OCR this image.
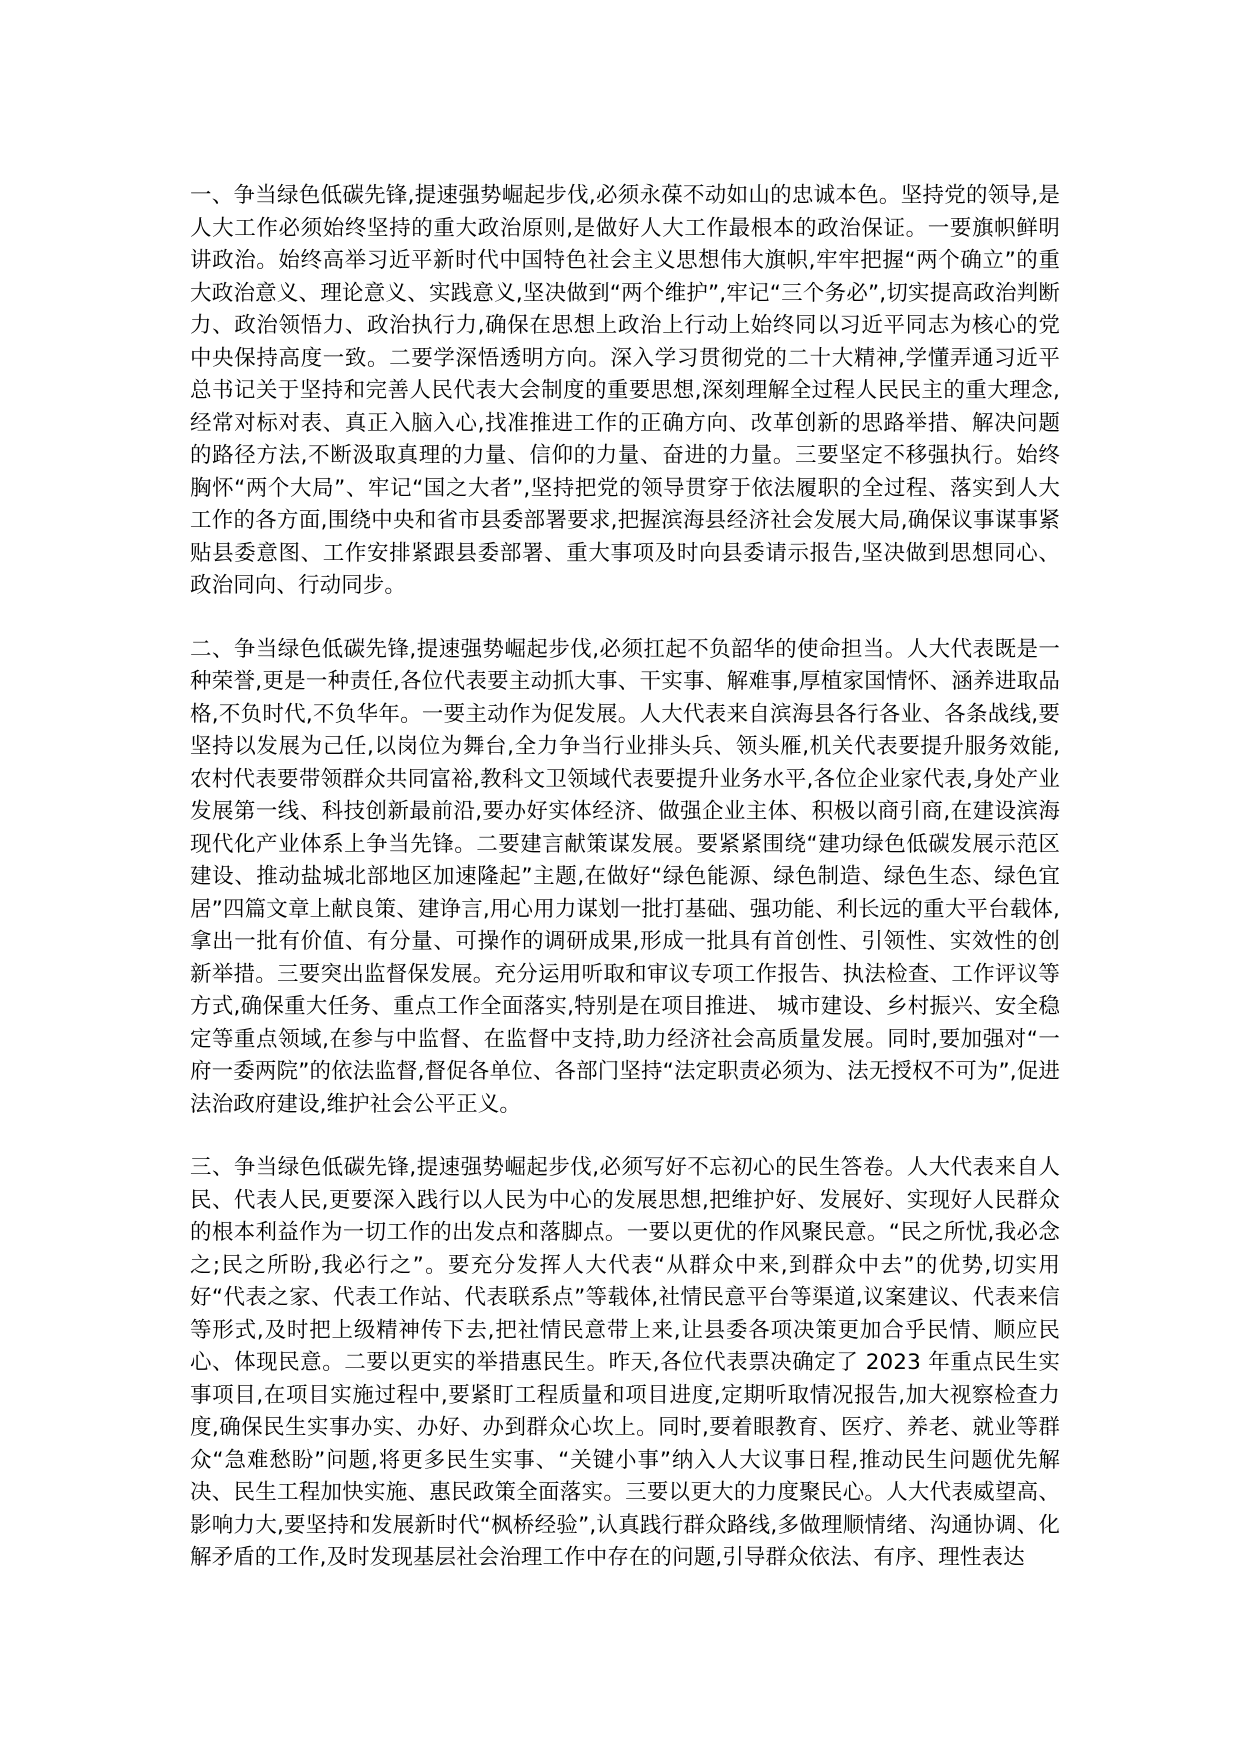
一、争当绿色低碳先锋,提速强势崛起步伐,必须永葆不动如山的忠诚本色。坚持党的领导,是人大工作必须始终坚持的重大政治原则,是做好人大工作最根本的政治保证。一要旗帜鲜明讲政治。始终高举习近平新时代中国特色社会主义思想伟大旗帜,牢牢把握“两个确立”的重大政治意义、理论意义、实践意义,坚决做到“两个维护”,牢记“三个务必”,切实提高政治判断力、政治领悟力、政治执行力,确保在思想上政治上行动上始终同以习近平同志为核心的党中央保持高度一致。二要学深悟透明方向。深入学习贯彻党的二十大精神,学懂弄通习近平总书记关于坚持和完善人民代表大会制度的重要思想,深刻理解全过程人民民主的重大理念,经常对标对表、真正入脑入心,找准推进工作的正确方向、改革创新的思路举措、解决问题的路径方法,不断汲取真理的力量、信仰的力量、奋进的力量。三要坚定不移强执行。始终胸怀“两个大局”、牢记“国之大者”,坚持把党的领导贯穿于依法履职的全过程、落实到人大工作的各方面,围绕中央和省市县委部署要求,把握滨海县经济社会发展大局,确保议事谋事紧贴县委意图、工作安排紧跟县委部署、重大事项及时向县委请示报告,坚决做到思想同心、政治同向、行动同步。

二、争当绿色低碳先锋,提速强势崛起步伐,必须扛起不负韶华的使命担当。人大代表既是一种荣誉,更是一种责任,各位代表要主动抓大事、干实事、解难事,厚植家国情怀、涵养进取品格,不负时代,不负华年。一要主动作为促发展。人大代表来自滨海县各行各业、各条战线,要坚持以发展为己任,以岗位为舞台,全力争当行业排头兵、领头雁,机关代表要提升服务效能,农村代表要带领群众共同富裕,教科文卫领域代表要提升业务水平,各位企业家代表,身处产业发展第一线、科技创新最前沿,要办好实体经济、做强企业主体、积极以商引商,在建设滨海现代化产业体系上争当先锋。二要建言献策谋发展。要紧紧围绕“建功绿色低碳发展示范区建设、推动盐城北部地区加速隆起”主题,在做好“绿色能源、绿色制造、绿色生态、绿色宜居”四篇文章上献良策、建诤言,用心用力谋划一批打基础、强功能、利长远的重大平台载体,拿出一批有价值、有分量、可操作的调研成果,形成一批具有首创性、引领性、实效性的创新举措。三要突出监督保发展。充分运用听取和审议专项工作报告、执法检查、工作评议等方式,确保重大任务、重点工作全面落实,特别是在项目推进、 城市建设、乡村振兴、安全稳定等重点领域,在参与中监督、在监督中支持,助力经济社会高质量发展。同时,要加强对“一府一委两院”的依法监督,督促各单位、各部门坚持“法定职责必须为、法无授权不可为”,促进法治政府建设,维护社会公平正义。

三、争当绿色低碳先锋,提速强势崛起步伐,必须写好不忘初心的民生答卷。人大代表来自人民、代表人民,更要深入践行以人民为中心的发展思想,把维护好、发展好、实现好人民群众的根本利益作为一切工作的出发点和落脚点。一要以更优的作风聚民意。“民之所忧,我必念之;民之所盼,我必行之”。要充分发挥人大代表“从群众中来,到群众中去”的优势,切实用好“代表之家、代表工作站、代表联系点”等载体,社情民意平台等渠道,议案建议、代表来信等形式,及时把上级精神传下去,把社情民意带上来,让县委各项决策更加合乎民情、顺应民心、体现民意。二要以更实的举措惠民生。昨天,各位代表票决确定了 2023 年重点民生实事项目,在项目实施过程中,要紧盯工程质量和项目进度,定期听取情况报告,加大视察检查力度,确保民生实事办实、办好、办到群众心坎上。同时,要着眼教育、医疗、养老、就业等群众“急难愁盼”问题,将更多民生实事、“关键小事”纳入人大议事日程,推动民生问题优先解决、民生工程加快实施、惠民政策全面落实。三要以更大的力度聚民心。人大代表威望高、影响力大,要坚持和发展新时代“枫桥经验”,认真践行群众路线,多做理顺情绪、沟通协调、化解矛盾的工作,及时发现基层社会治理工作中存在的问题,引导群众依法、有序、理性表达
